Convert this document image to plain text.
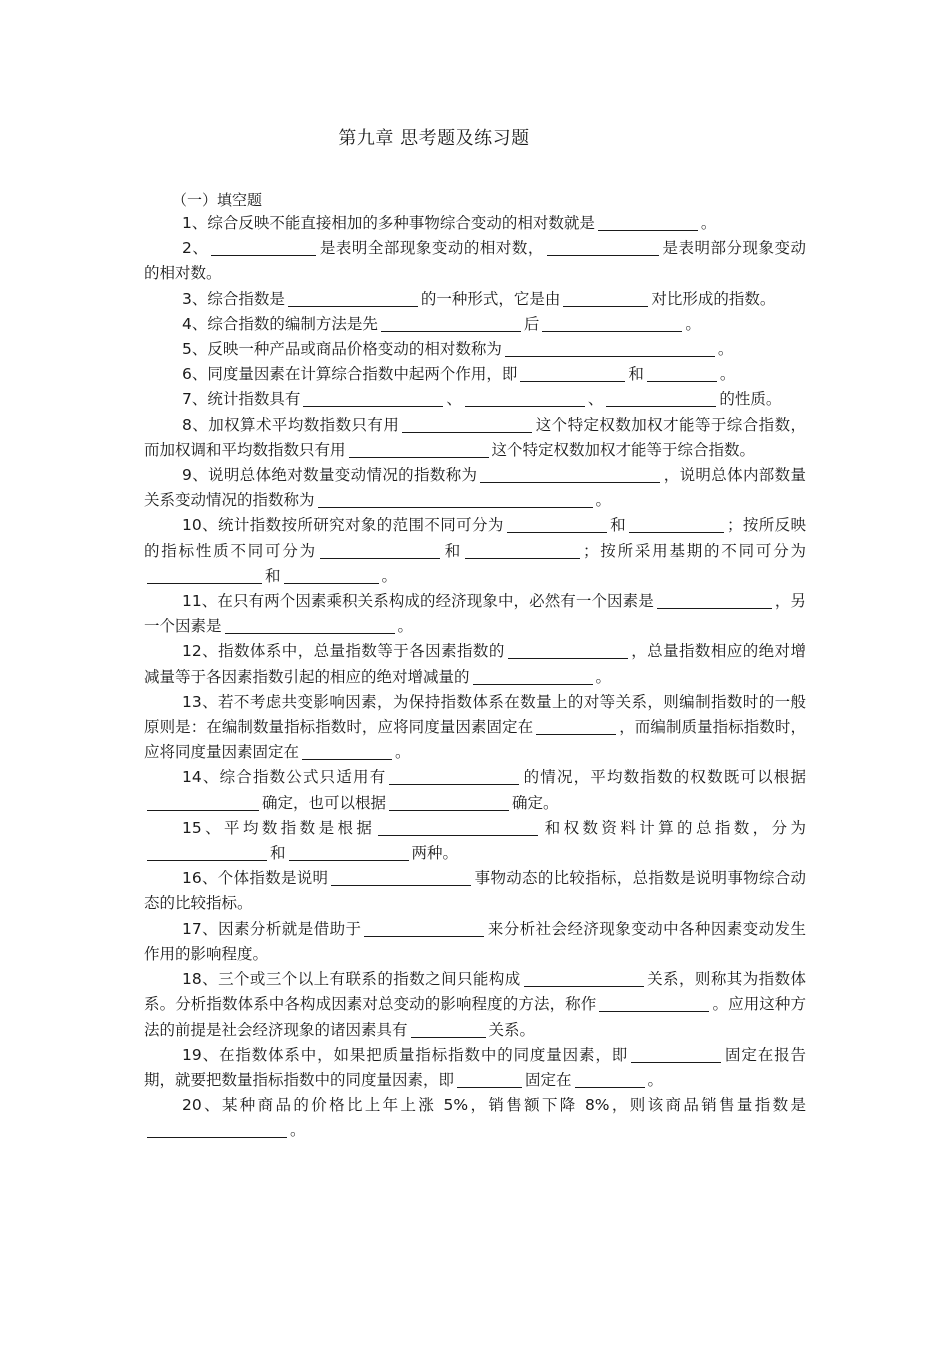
第九章 思考题及练习题
（一）填空题

1、综合反映不能直接相加的多种事物综合变动的相对数就是	。

2、	是表明全部现象变动的相对数，	是表明部分现象变动的相对数。

3、综合指数是	的一种形式，它是由	对比形成的指数。

4、综合指数的编制方法是先	后	。

5、反映一种产品或商品价格变动的相对数称为	。

6、同度量因素在计算综合指数中起两个作用，即	和	。

7、统计指数具有	、	、	的性质。

8、加权算术平均数指数只有用	这个特定权数加权才能等于综合指数，而加权调和平均数指数只有用	这个特定权数加权才能等于综合指数。

9、说明总体绝对数量变动情况的指数称为	，说明总体内部数量关系变动情况的指数称为	。

10、统计指数按所研究对象的范围不同可分为	和	；按所反映的指标性质不同可分为	和	；按所采用基期的不同可分为和	。

11、在只有两个因素乘积关系构成的经济现象中，必然有一个因素是	，另一个因素是	。

12、指数体系中，总量指数等于各因素指数的	，总量指数相应的绝对增减量等于各因素指数引起的相应的绝对增减量的	。

13、若不考虑共变影响因素，为保持指数体系在数量上的对等关系，则编制指数时的一般原则是：在编制数量指标指数时，应将同度量因素固定在	，而编制质量指标指数时，应将同度量因素固定在	。

14、综合指数公式只适用有	的情况，平均数指数的权数既可以根据确定，也可以根据	确定。

15、平均数指数是根据	和权数资料计算的总指数，分为和	两种。

16、个体指数是说明	事物动态的比较指标，总指数是说明事物综合动态的比较指标。

17、因素分析就是借助于	来分析社会经济现象变动中各种因素变动发生作用的影响程度。

18、三个或三个以上有联系的指数之间只能构成	关系，则称其为指数体系。分析指数体系中各构成因素对总变动的影响程度的方法，称作	。应用这种方法的前提是社会经济现象的诸因素具有	关系。

19、在指数体系中，如果把质量指标指数中的同度量因素，即	固定在报告期，就要把数量指标指数中的同度量因素，即	固定在	。

20、某种商品的价格比上年上涨 5%，销售额下降 8%，则该商品销售量指数是。
